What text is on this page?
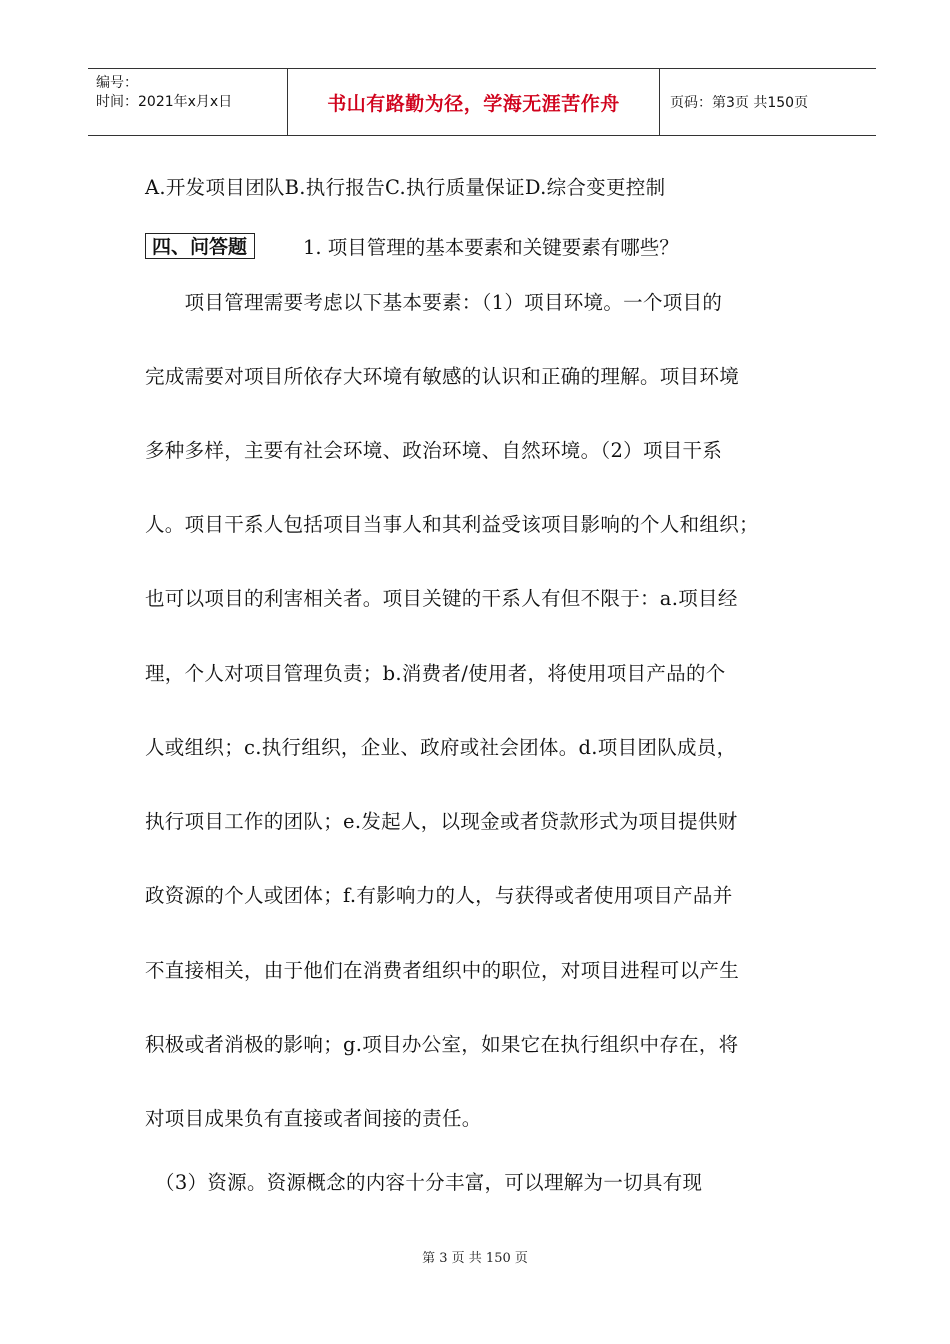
编号：
时间：2021年x月x日	书山有路勤为径，学海无涯苦作舟	页码：第3页 共150页
A.开发项目团队B.执行报告C.执行质量保证D.综合变更控制
四、问答题	1. 项目管理的基本要素和关键要素有哪些？
　　项目管理需要考虑以下基本要素：（1）项目环境。一个项目的
完成需要对项目所依存大环境有敏感的认识和正确的理解。项目环境
多种多样，主要有社会环境、政治环境、自然环境。（2）项目干系
人。项目干系人包括项目当事人和其利益受该项目影响的个人和组织；
也可以项目的利害相关者。项目关键的干系人有但不限于：a.项目经
理，个人对项目管理负责；b.消费者/使用者，将使用项目产品的个
人或组织；c.执行组织，企业、政府或社会团体。d.项目团队成员，
执行项目工作的团队；e.发起人，以现金或者贷款形式为项目提供财
政资源的个人或团体；f.有影响力的人，与获得或者使用项目产品并
不直接相关，由于他们在消费者组织中的职位，对项目进程可以产生
积极或者消极的影响；g.项目办公室，如果它在执行组织中存在，将
对项目成果负有直接或者间接的责任。
　（3）资源。资源概念的内容十分丰富，可以理解为一切具有现
第 3 页 共 150 页
